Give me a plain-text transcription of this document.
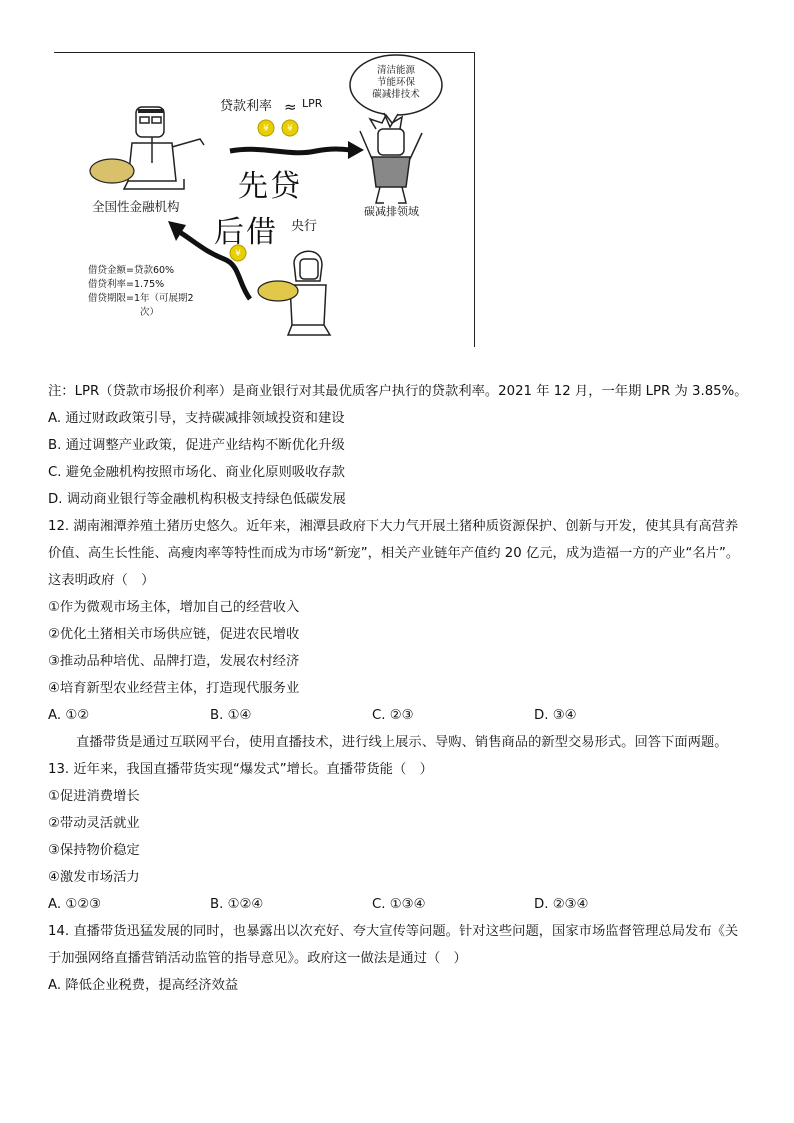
¥ ¥
¥
贷款利率 ≈ LPR
清洁能源
节能环保
碳减排技术
全国性金融机构	碳减排领域
先贷
后借 央行
借贷金额=贷款60%
借贷利率=1.75%
借贷期限=1年（可展期2
次）
注：LPR（贷款市场报价利率）是商业银行对其最优质客户执行的贷款利率。2021 年 12 月，一年期 LPR 为 3.85%。
A. 通过财政政策引导，支持碳减排领域投资和建设
B. 通过调整产业政策，促进产业结构不断优化升级
C. 避免金融机构按照市场化、商业化原则吸收存款
D. 调动商业银行等金融机构积极支持绿色低碳发展
12. 湖南湘潭养殖土猪历史悠久。近年来，湘潭县政府下大力气开展土猪种质资源保护、创新与开发，使其具有高营养价值、高生长性能、高瘦肉率等特性而成为市场“新宠”，相关产业链年产值约 20 亿元，成为造福一方的产业“名片”。这表明政府（　）
①作为微观市场主体，增加自己的经营收入
②优化土猪相关市场供应链，促进农民增收
③推动品种培优、品牌打造，发展农村经济
④培育新型农业经营主体，打造现代服务业
A. ①②	B. ①④	C. ②③	D. ③④
直播带货是通过互联网平台，使用直播技术，进行线上展示、导购、销售商品的新型交易形式。回答下面两题。
13. 近年来，我国直播带货实现“爆发式”增长。直播带货能（　）
①促进消费增长
②带动灵活就业
③保持物价稳定
④激发市场活力
A. ①②③	B. ①②④	C. ①③④	D. ②③④
14. 直播带货迅猛发展的同时，也暴露出以次充好、夸大宣传等问题。针对这些问题，国家市场监督管理总局发布《关于加强网络直播营销活动监管的指导意见》。政府这一做法是通过（　）
A. 降低企业税费，提高经济效益
